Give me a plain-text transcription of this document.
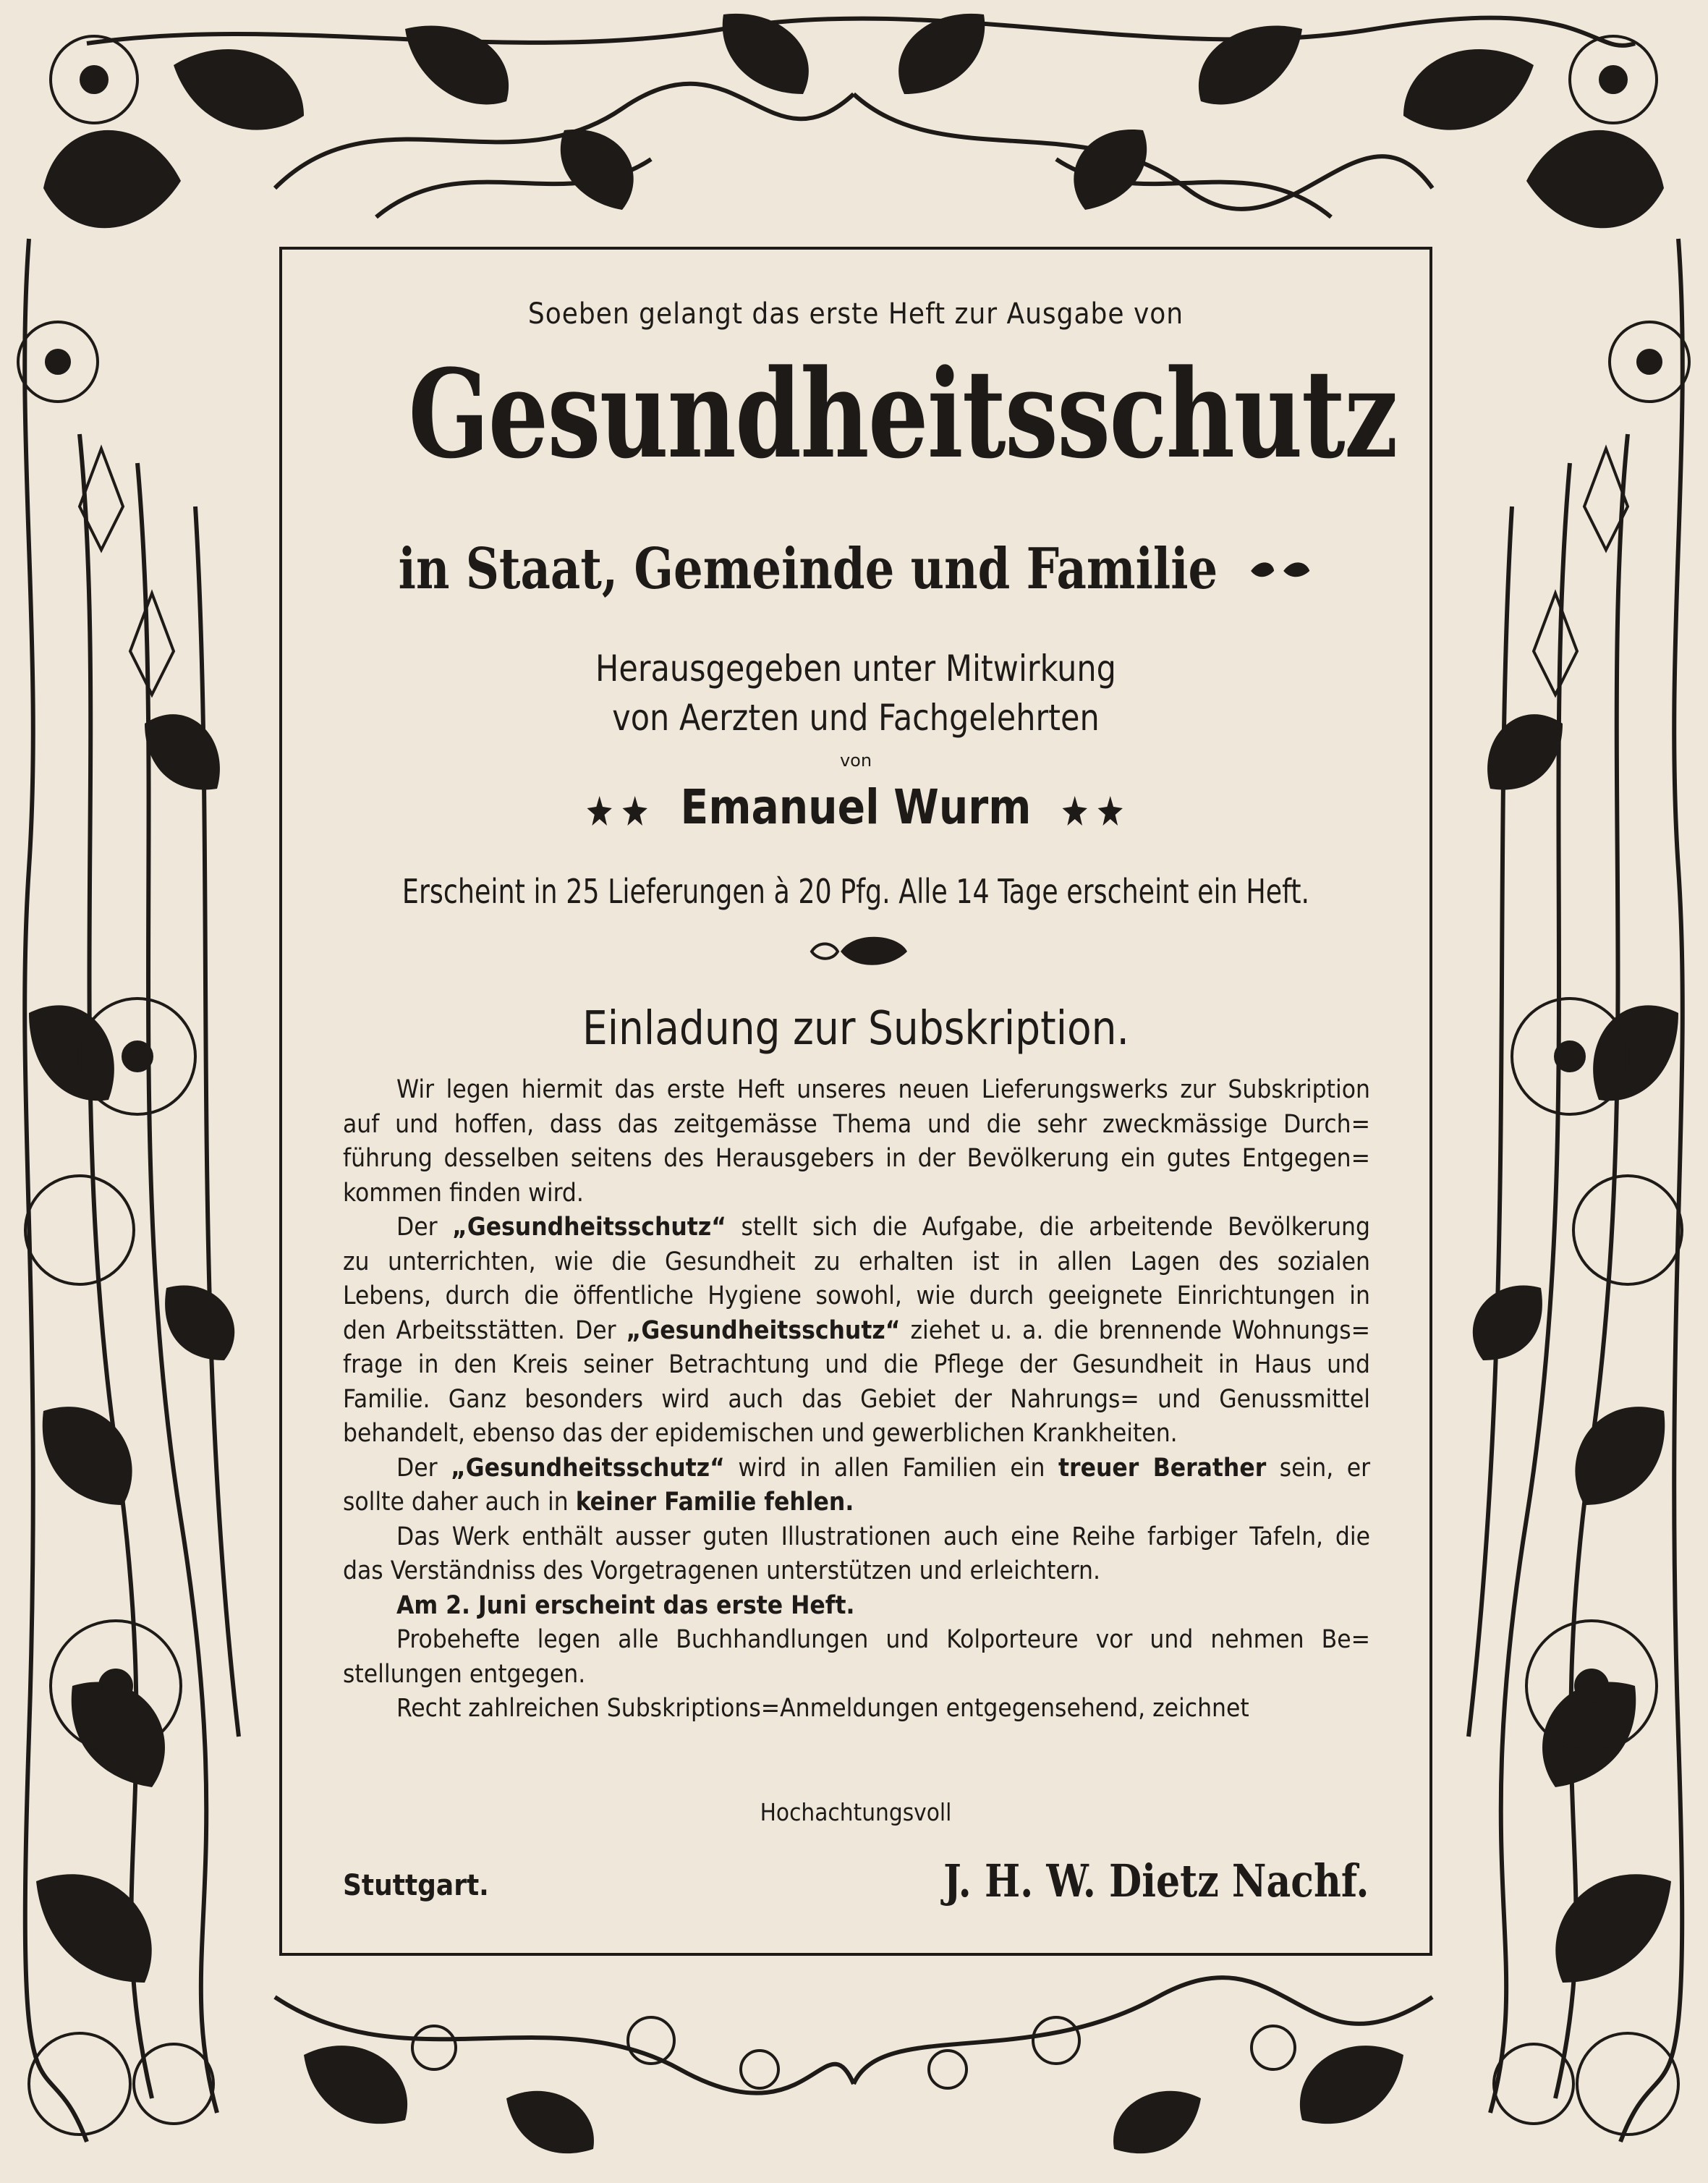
Soeben gelangt das erste Heft zur Ausgabe von
Gesundheitsschutz
in Staat, Gemeinde und Familie
Herausgegeben unter Mitwirkung
von Aerzten und Fachgelehrten
von
Emanuel Wurm
Erscheint in 25 Lieferungen à 20 Pfg. Alle 14 Tage erscheint ein Heft.
Einladung zur Subskription.
Wir legen hiermit das erste Heft unseres neuen Lieferungswerks zur Subskription
auf und hoffen, dass das zeitgemässe Thema und die sehr zweckmässige Durch=
führung desselben seitens des Herausgebers in der Bevölkerung ein gutes Entgegen=
kommen finden wird.
Der „Gesundheitsschutz“ stellt sich die Aufgabe, die arbeitende Bevölkerung
zu unterrichten, wie die Gesundheit zu erhalten ist in allen Lagen des sozialen
Lebens, durch die öffentliche Hygiene sowohl, wie durch geeignete Einrichtungen in
den Arbeitsstätten. Der „Gesundheitsschutz“ ziehet u. a. die brennende Wohnungs=
frage in den Kreis seiner Betrachtung und die Pflege der Gesundheit in Haus und
Familie. Ganz besonders wird auch das Gebiet der Nahrungs= und Genussmittel
behandelt, ebenso das der epidemischen und gewerblichen Krankheiten.
Der „Gesundheitsschutz“ wird in allen Familien ein treuer Berather sein, er
sollte daher auch in keiner Familie fehlen.
Das Werk enthält ausser guten Illustrationen auch eine Reihe farbiger Tafeln, die
das Verständniss des Vorgetragenen unterstützen und erleichtern.
Am 2. Juni erscheint das erste Heft.
Probehefte legen alle Buchhandlungen und Kolporteure vor und nehmen Be=
stellungen entgegen.
Recht zahlreichen Subskriptions=Anmeldungen entgegensehend, zeichnet
Hochachtungsvoll
Stuttgart.	J. H. W. Dietz Nachf.
